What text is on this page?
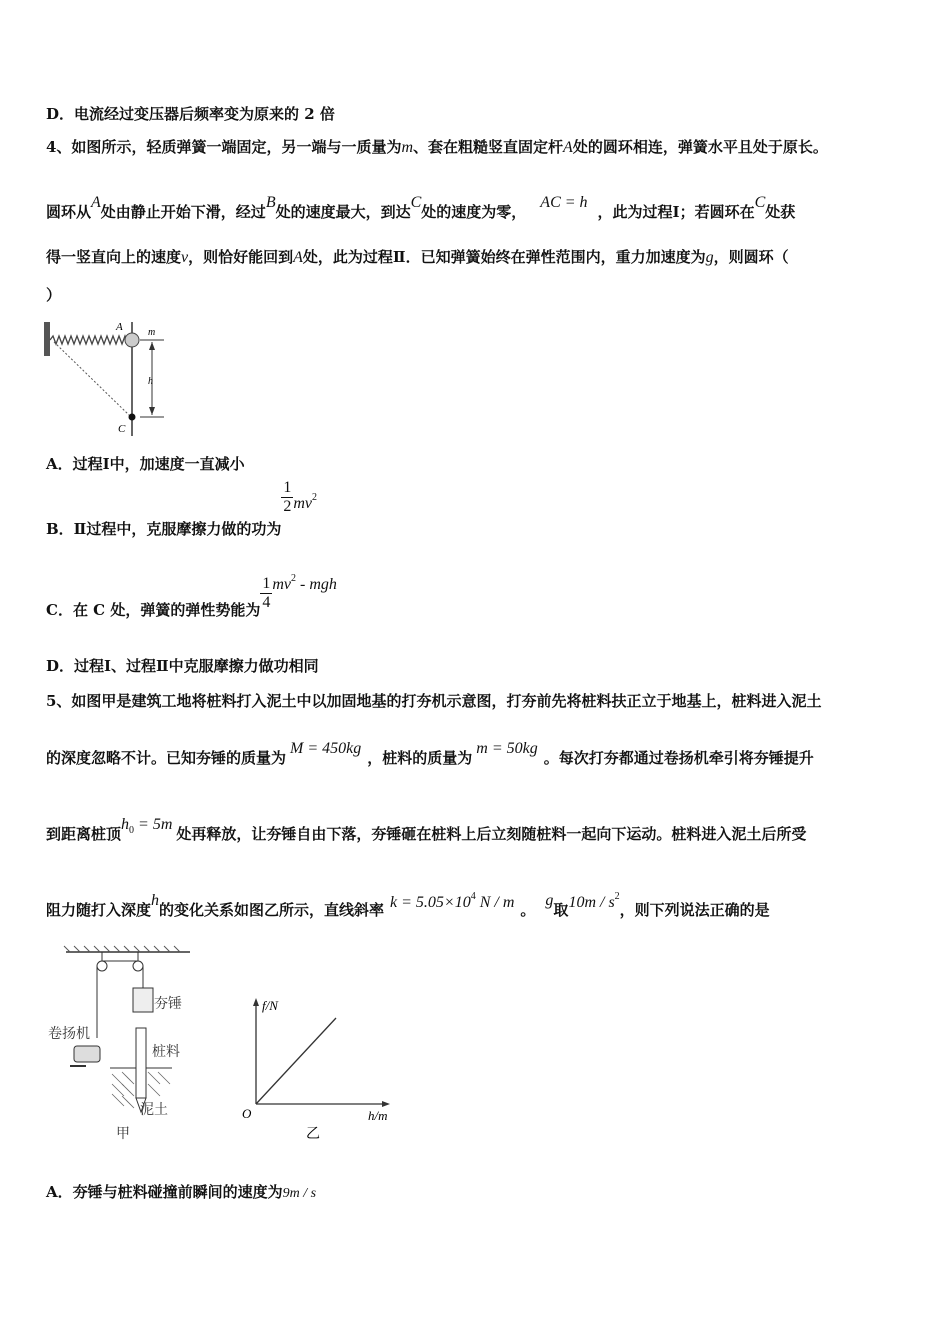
D．电流经过变压器后频率变为原来的 2 倍
4、如图所示，轻质弹簧一端固定，另一端与一质量为m、套在粗糙竖直固定杆A处的圆环相连，弹簧水平且处于原长。
圆环从A处由静止开始下滑，经过B处的速度最大，到达C处的速度为零，AC = h，此为过程Ⅰ；若圆环在C处获
得一竖直向上的速度v，则恰好能回到A处，此为过程Ⅱ．已知弹簧始终在弹性范围内，重力加速度为g，则圆环（
）
A
C
m
h
A．过程Ⅰ中，加速度一直减小
B．Ⅱ过程中，克服摩擦力做的功为
$\frac{1}{2} mv^2$
C．在 C 处，弹簧的弹性势能为 $\frac{1}{4} mv^2$ - mgh
D．过程Ⅰ、过程Ⅱ中克服摩擦力做功相同
5、如图甲是建筑工地将桩料打入泥土中以加固地基的打夯机示意图，打夯前先将桩料扶正立于地基上，桩料进入泥土
的深度忽略不计。已知夯锤的质量为M = 450kg，桩料的质量为m = 50kg。每次打夯都通过卷扬机牵引将夯锤提升
到距离桩顶$h_0 = 5m$处再释放，让夯锤自由下落，夯锤砸在桩料上后立刻随桩料一起向下运动。桩料进入泥土后所受
阻力随打入深度h的变化关系如图乙所示，直线斜率 $k = 5.05\times 10^4$ N / m 。g取$10m / s^2$，则下列说法正确的是
夯锤
桩料
卷扬机
泥土
甲
f/N
h/m
O
乙
A．夯锤与桩料碰撞前瞬间的速度为9m / s
